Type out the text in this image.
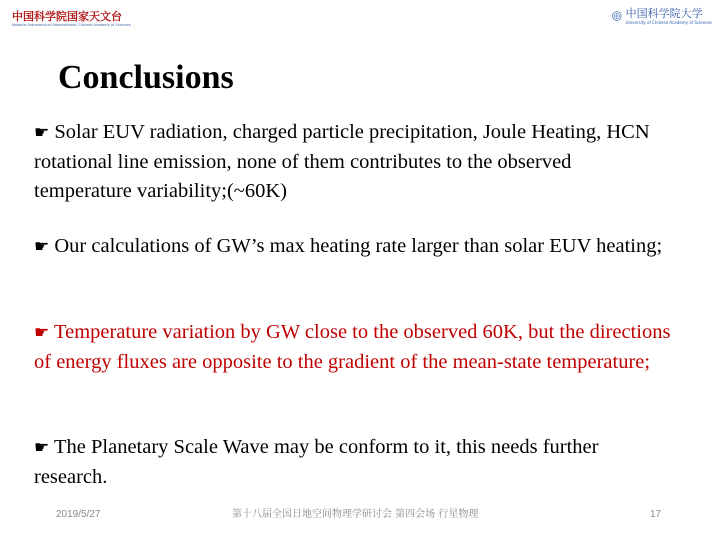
中国科学院国家天文台
National Astronomical Observatories, Chinese Academy of Sciences
中国科学院大学
University of Chinese Academy of Sciences
Conclusions

☛ Solar EUV radiation, charged particle precipitation, Joule Heating, HCN rotational line emission, none of them contributes to the observed temperature variability;(~60K)

☛ Our calculations of GW’s max heating rate larger than solar EUV heating;

☛ Temperature variation by GW close to the observed 60K, but the directions of energy fluxes are opposite to the gradient of the mean-state temperature;

☛ The Planetary Scale Wave may be conform to it, this needs further research.

2019/5/27	第十八届全国日地空间物理学研讨会 第四会场 行星物理	17
